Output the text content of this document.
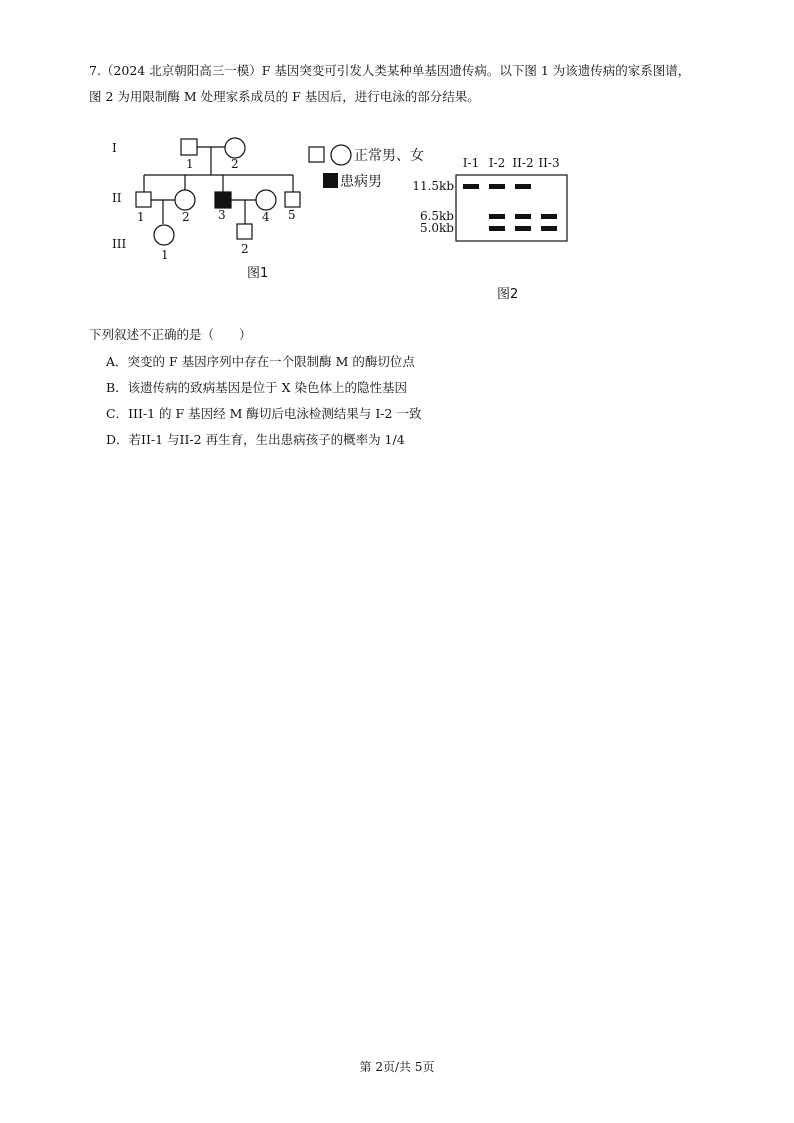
7.（2024 北京朝阳高三一模）F 基因突变可引发人类某种单基因遗传病。以下图 1 为该遗传病的家系图谱，
图 2 为用限制酶 M 处理家系成员的 F 基因后，进行电泳的部分结果。
I
II
III
1	2
1	2 3	4 5
1	2
图1
正常男、女
患病男
I-1 I-2 II-2 II-3
11.5kb
6.5kb
5.0kb
图2
下列叙述不正确的是（　　）
A．突变的 F 基因序列中存在一个限制酶 M 的酶切位点
B．该遗传病的致病基因是位于 X 染色体上的隐性基因
C．III-1 的 F 基因经 M 酶切后电泳检测结果与 I-2 一致
D．若II-1 与II-2 再生育，生出患病孩子的概率为 1/4
第 2页/共 5页
